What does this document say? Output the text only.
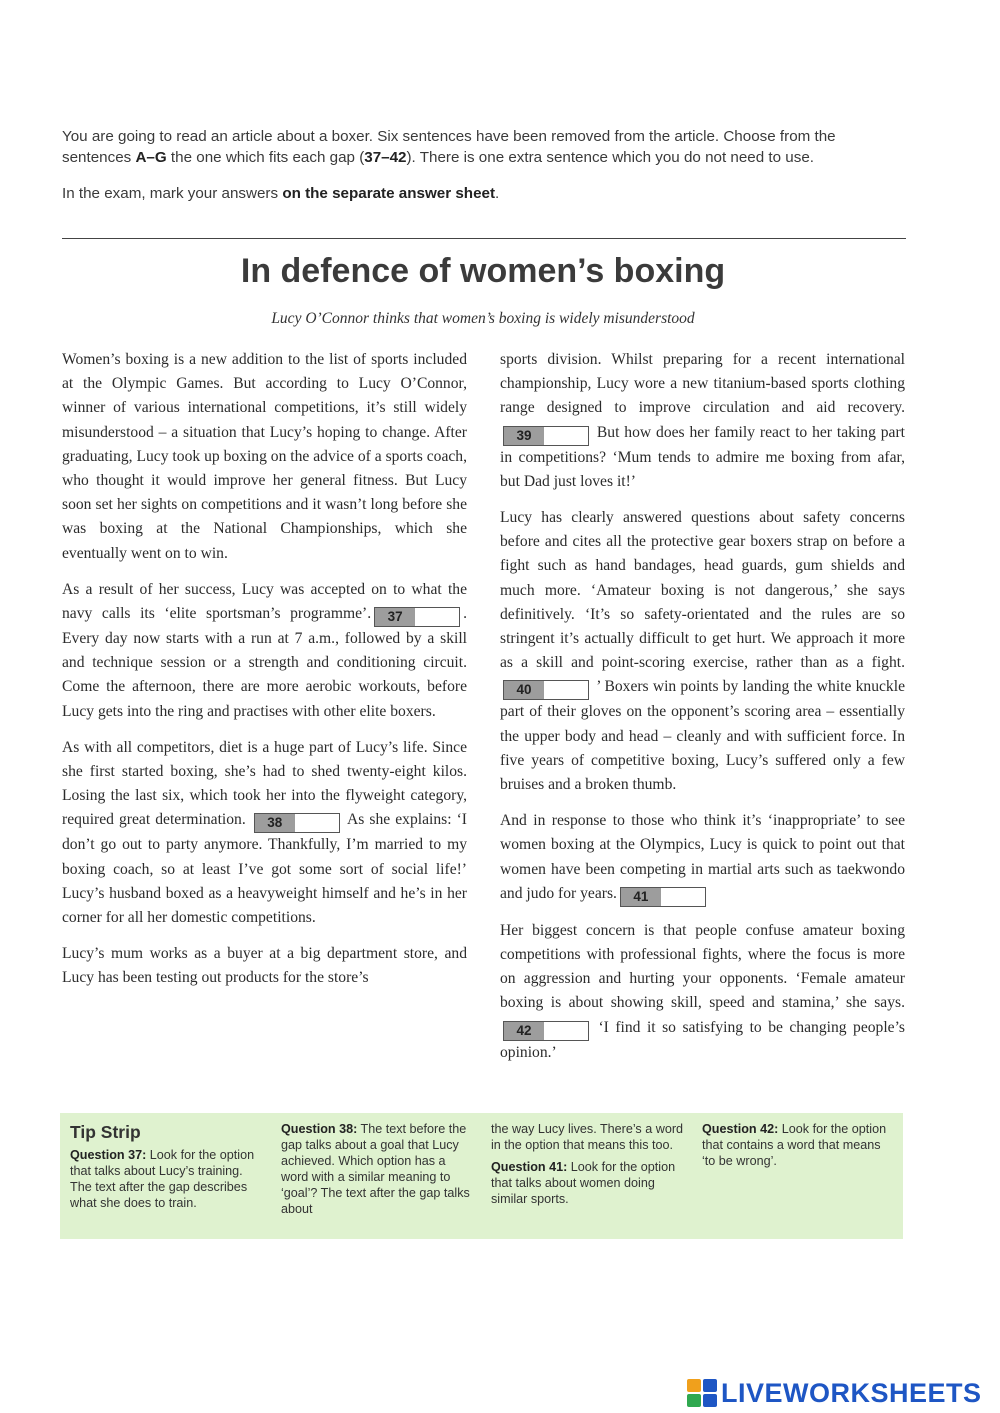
You are going to read an article about a boxer. Six sentences have been removed from the article. Choose from the sentences A–G the one which fits each gap (37–42). There is one extra sentence which you do not need to use.

In the exam, mark your answers on the separate answer sheet.

In defence of women’s boxing

Lucy O’Connor thinks that women’s boxing is widely misunderstood

Women’s boxing is a new addition to the list of sports included at the Olympic Games. But according to Lucy O’Connor, winner of various international competitions, it’s still widely misunderstood – a situation that Lucy’s hoping to change. After graduating, Lucy took up boxing on the advice of a sports coach, who thought it would improve her general fitness. But Lucy soon set her sights on competitions and it wasn’t long before she was boxing at the National Championships, which she eventually went on to win.

As a result of her success, Lucy was accepted on to what the navy calls its ‘elite sportsman’s programme’. 37	. Every day now starts with a run at 7 a.m., followed by a skill and technique session or a strength and conditioning circuit. Come the afternoon, there are more aerobic workouts, before Lucy gets into the ring and practises with other elite boxers.

As with all competitors, diet is a huge part of Lucy’s life. Since she first started boxing, she’s had to shed twenty-eight kilos. Losing the last six, which took her into the flyweight category, required great determination. 38	As she explains: ‘I don’t go out to party anymore. Thankfully, I’m married to my boxing coach, so at least I’ve got some sort of social life!’ Lucy’s husband boxed as a heavyweight himself and he’s in her corner for all her domestic competitions.

Lucy’s mum works as a buyer at a big department store, and Lucy has been testing out products for the store’s

sports division. Whilst preparing for a recent international championship, Lucy wore a new titanium-based sports clothing range designed to improve circulation and aid recovery.39	But how does her family react to her taking part in competitions? ‘Mum tends to admire me boxing from afar, but Dad just loves it!’

Lucy has clearly answered questions about safety concerns before and cites all the protective gear boxers strap on before a fight such as hand bandages, head guards, gum shields and much more. ‘Amateur boxing is not dangerous,’ she says definitively. ‘It’s so safety-orientated and the rules are so stringent it’s actually difficult to get hurt. We approach it more as a skill and point-scoring exercise, rather than as a fight.40	’ Boxers win points by landing the white knuckle part of their gloves on the opponent’s scoring area – essentially the upper body and head – cleanly and with sufficient force. In five years of competitive boxing, Lucy’s suffered only a few bruises and a broken thumb.

And in response to those who think it’s ‘inappropriate’ to see women boxing at the Olympics, Lucy is quick to point out that women have been competing in martial arts such as taekwondo and judo for years. 41

Her biggest concern is that people confuse amateur boxing competitions with professional fights, where the focus is more on aggression and hurting your opponents. ‘Female amateur boxing is about showing skill, speed and stamina,’ she says.42	‘I find it so satisfying to be changing people’s opinion.’

Tip Strip

Question 37: Look for the option that talks about Lucy’s training. The text after the gap describes what she does to train.

Question 38: The text before the gap talks about a goal that Lucy achieved. Which option has a word with a similar meaning to ‘goal’? The text after the gap talks about

the way Lucy lives. There’s a word in the option that means this too.

Question 41: Look for the option that talks about women doing similar sports.

Question 42: Look for the option that contains a word that means ‘to be wrong’.

LIVEWORKSHEETS
